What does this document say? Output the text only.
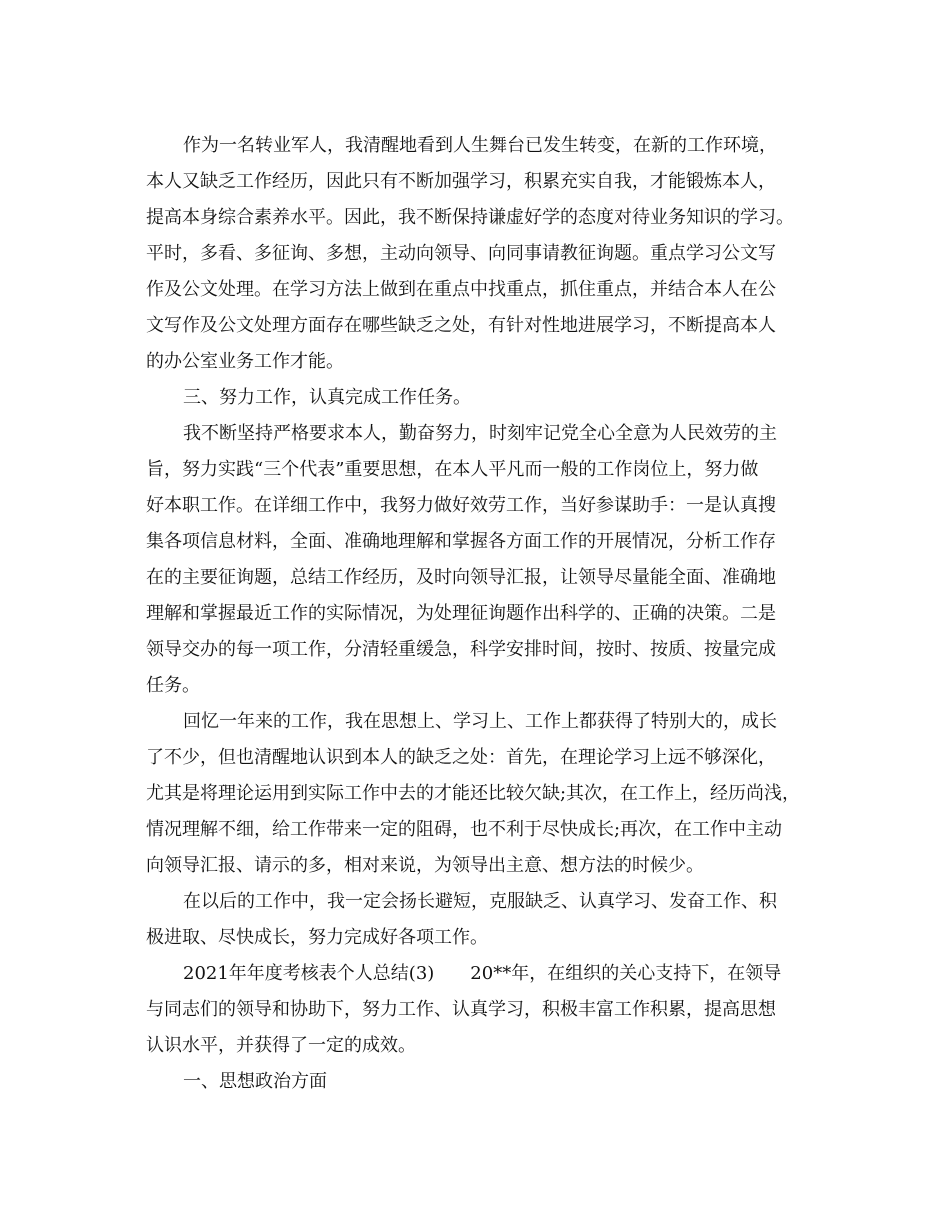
作为一名转业军人，我清醒地看到人生舞台已发生转变，在新的工作环境，
本人又缺乏工作经历，因此只有不断加强学习，积累充实自我，才能锻炼本人，
提高本身综合素养水平。因此，我不断保持谦虚好学的态度对待业务知识的学习。
平时，多看、多征询、多想，主动向领导、向同事请教征询题。重点学习公文写
作及公文处理。在学习方法上做到在重点中找重点，抓住重点，并结合本人在公
文写作及公文处理方面存在哪些缺乏之处，有针对性地进展学习，不断提高本人
的办公室业务工作才能。
三、努力工作，认真完成工作任务。
我不断坚持严格要求本人，勤奋努力，时刻牢记党全心全意为人民效劳的主
旨，努力实践“三个代表”重要思想，在本人平凡而一般的工作岗位上，努力做
好本职工作。在详细工作中，我努力做好效劳工作，当好参谋助手：一是认真搜
集各项信息材料，全面、准确地理解和掌握各方面工作的开展情况，分析工作存
在的主要征询题，总结工作经历，及时向领导汇报，让领导尽量能全面、准确地
理解和掌握最近工作的实际情况，为处理征询题作出科学的、正确的决策。二是
领导交办的每一项工作，分清轻重缓急，科学安排时间，按时、按质、按量完成
任务。
回忆一年来的工作，我在思想上、学习上、工作上都获得了特别大的，成长
了不少，但也清醒地认识到本人的缺乏之处：首先，在理论学习上远不够深化，
尤其是将理论运用到实际工作中去的才能还比较欠缺;其次，在工作上，经历尚浅，
情况理解不细，给工作带来一定的阻碍，也不利于尽快成长;再次，在工作中主动
向领导汇报、请示的多，相对来说，为领导出主意、想方法的时候少。
在以后的工作中，我一定会扬长避短，克服缺乏、认真学习、发奋工作、积
极进取、尽快成长，努力完成好各项工作。
2021年年度考核表个人总结(3)　　20**年，在组织的关心支持下，在领导
与同志们的领导和协助下，努力工作、认真学习，积极丰富工作积累，提高思想
认识水平，并获得了一定的成效。
一、思想政治方面
